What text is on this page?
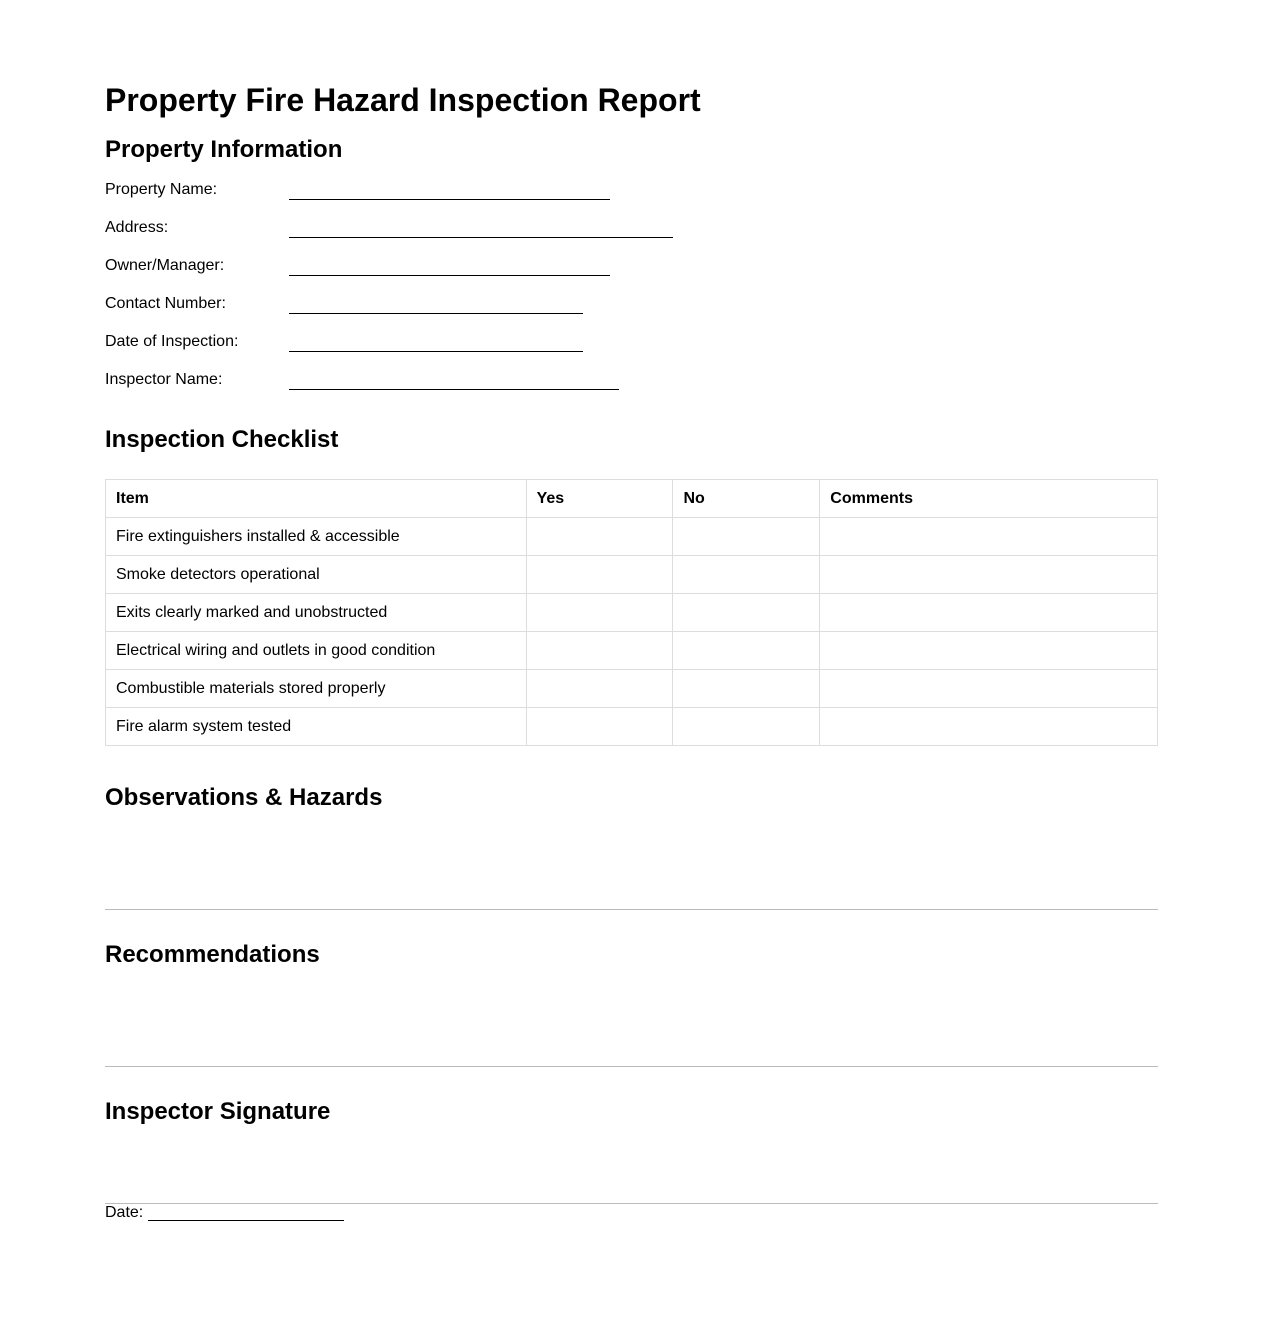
Property Fire Hazard Inspection Report
Property Information
Property Name:
Address:
Owner/Manager:
Contact Number:
Date of Inspection:
Inspector Name:
Inspection Checklist
Item	Yes	No	Comments
Fire extinguishers installed & accessible			
Smoke detectors operational			
Exits clearly marked and unobstructed			
Electrical wiring and outlets in good condition			
Combustible materials stored properly			
Fire alarm system tested			
Observations & Hazards
Recommendations
Inspector Signature
Date:
